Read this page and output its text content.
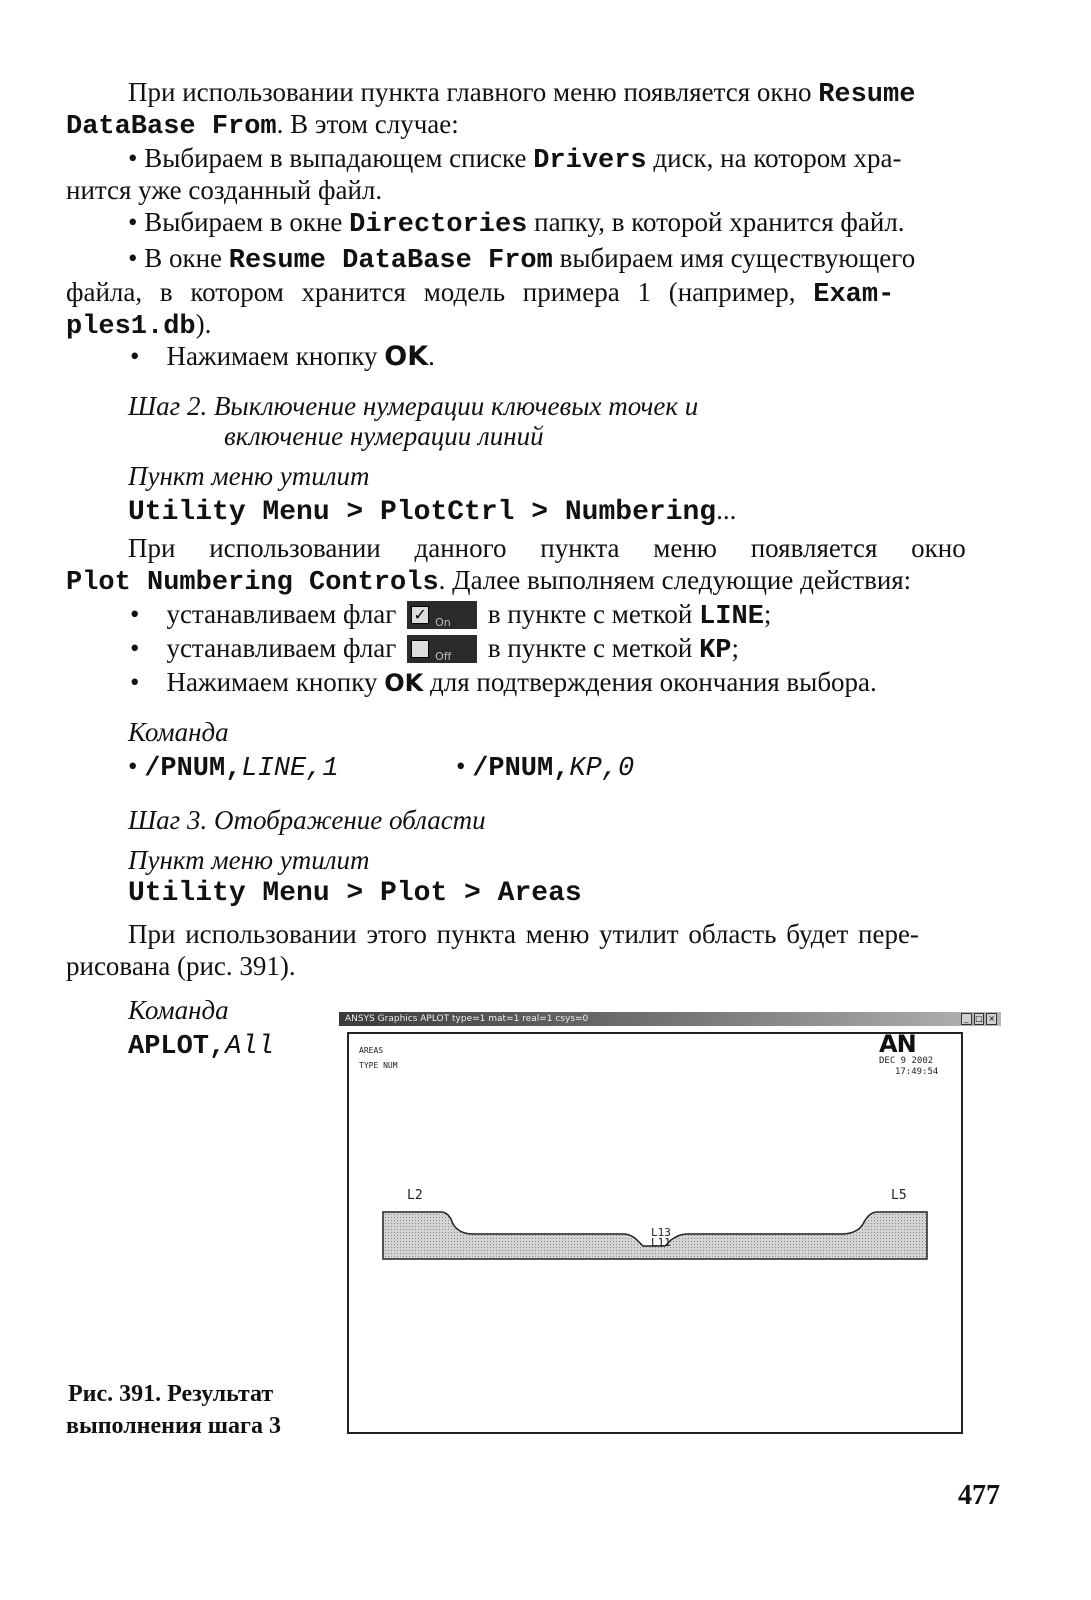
При использовании пункта главного меню появляется окно Resume
DataBase From. В этом случае:
• Выбираем в выпадающем списке Drivers диск, на котором хра-
нится уже созданный файл.
• Выбираем в окне Directories папку, в которой хранится файл.
• В окне Resume DataBase From выбираем имя существующего
файла, в котором хранится модель примера 1 (например, Exam-
ples1.db).
•    Нажимаем кнопку OK.
Шаг 2. Выключение нумерации ключевых точек и
включение нумерации линий
Пункт меню утилит
Utility Menu > PlotCtrl > Numbering...
При использовании данного пункта меню появляется окно
Plot Numbering Controls. Далее выполняем следующие действия:
•    устанавливаем флаг ✓ On в пункте с меткой LINE;
•    устанавливаем флаг	Off в пункте с меткой KP;
•    Нажимаем кнопку OK для подтверждения окончания выбора.
Команда
• /PNUM,LINE,1	• /PNUM,KP,0
Шаг 3. Отображение области
Пункт меню утилит
Utility Menu > Plot > Areas
При использовании этого пункта меню утилит область будет пере-
рисована (рис. 391).
Команда
APLOT,All
Рис. 391. Результат
выполнения шага 3
ANSYS Graphics APLOT type=1 mat=1 real=1 csys=0	_ □ ×
AREAS
TYPE NUM
AN
DEC 9 2002
17:49:54
L2	L5
L13
L11
477
